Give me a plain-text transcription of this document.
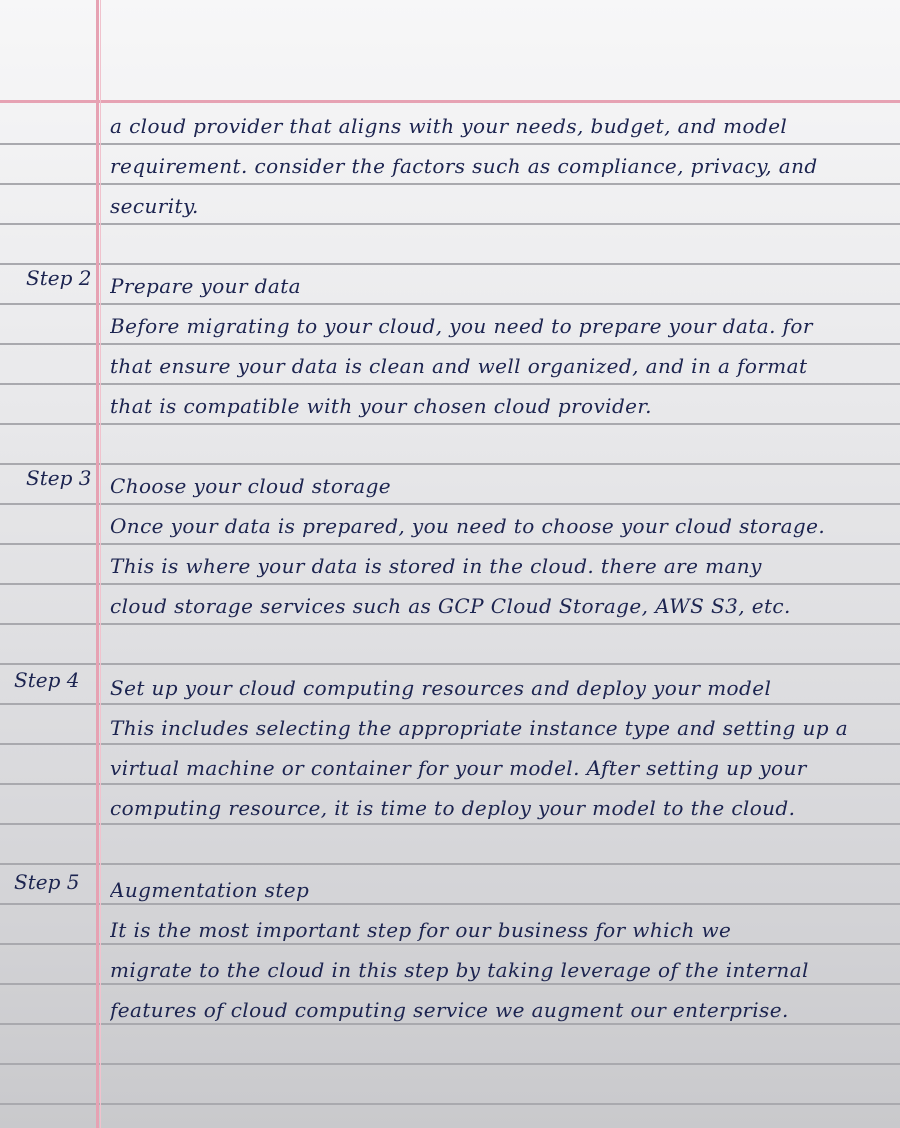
a cloud provider that aligns with your needs, budget, and model
requirement. consider the factors such as compliance, privacy, and
security.
Step 2 Prepare your data
Before migrating to your cloud, you need to prepare your data. for
that ensure your data is clean and well organized, and in a format
that is compatible with your chosen cloud provider.
Step 3 Choose your cloud storage
Once your data is prepared, you need to choose your cloud storage.
This is where your data is stored in the cloud. there are many
cloud storage services such as GCP Cloud Storage, AWS S3, etc.
Step 4 Set up your cloud computing resources and deploy your model
This includes selecting the appropriate instance type and setting up a
virtual machine or container for your model. After setting up your
computing resource, it is time to deploy your model to the cloud.
Step 5 Augmentation step
It is the most important step for our business for which we
migrate to the cloud in this step by taking leverage of the internal
features of cloud computing service we augment our enterprise.
